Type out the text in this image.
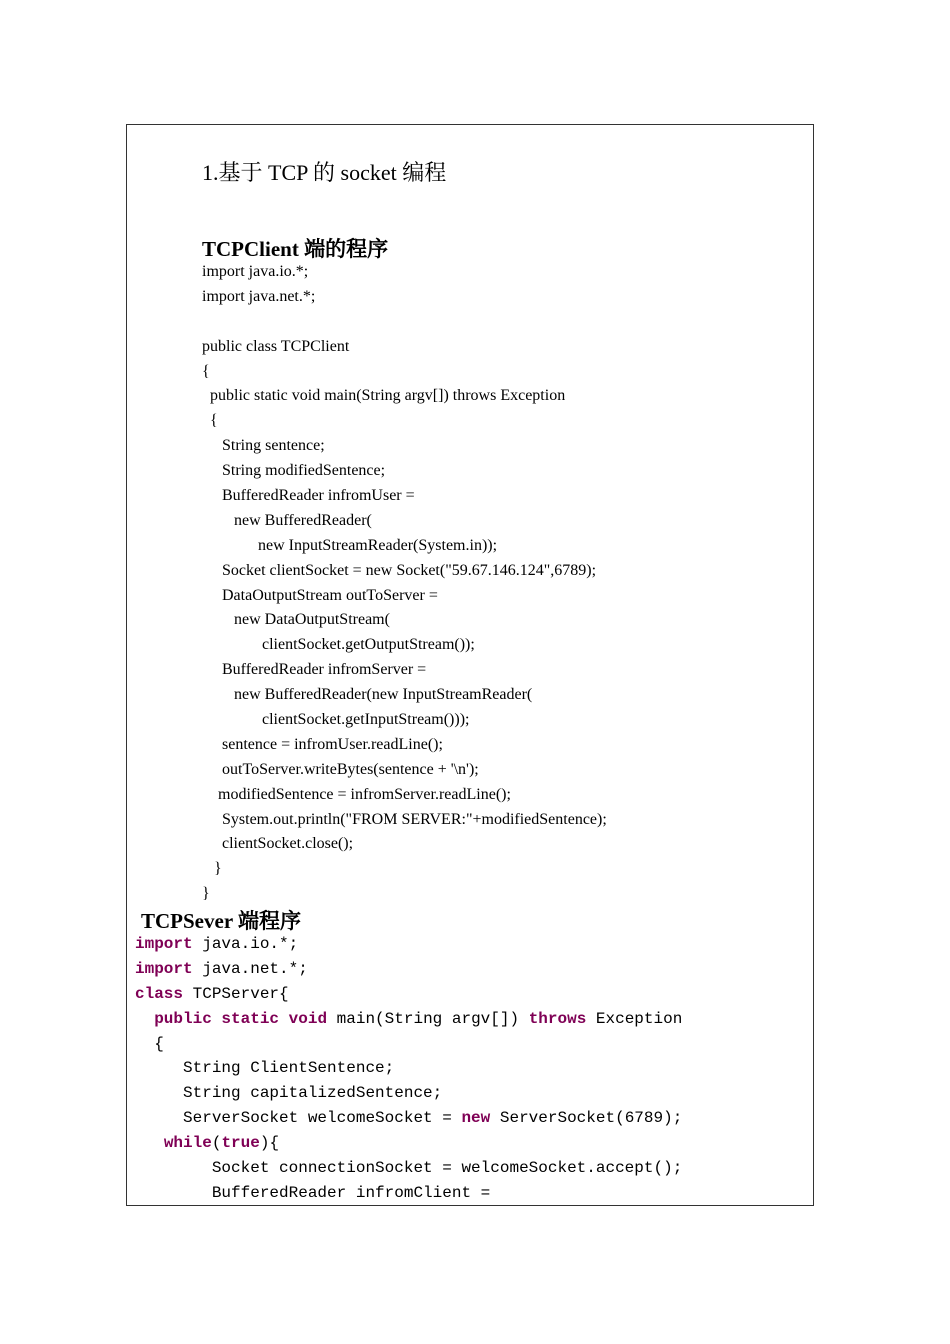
1.基于 TCP 的 socket 编程
TCPClient 端的程序
import java.io.*;
import java.net.*;
public class TCPClient
{
public static void main(String argv[]) throws Exception
{
String sentence;
String modifiedSentence;
BufferedReader infromUser =
new BufferedReader(
new InputStreamReader(System.in));
Socket clientSocket = new Socket("59.67.146.124",6789);
DataOutputStream outToServer =
new DataOutputStream(
clientSocket.getOutputStream());
BufferedReader infromServer =
new BufferedReader(new InputStreamReader(
clientSocket.getInputStream()));
sentence = infromUser.readLine();
outToServer.writeBytes(sentence + '\n');
modifiedSentence = infromServer.readLine();
System.out.println("FROM SERVER:"+modifiedSentence);
clientSocket.close();
}
}
TCPSever 端程序
import java.io.*;
import java.net.*;
class TCPServer{
public static void main(String argv[]) throws Exception
{
String ClientSentence;
String capitalizedSentence;
ServerSocket welcomeSocket = new ServerSocket(6789);
while(true){
Socket connectionSocket = welcomeSocket.accept();
BufferedReader infromClient =
